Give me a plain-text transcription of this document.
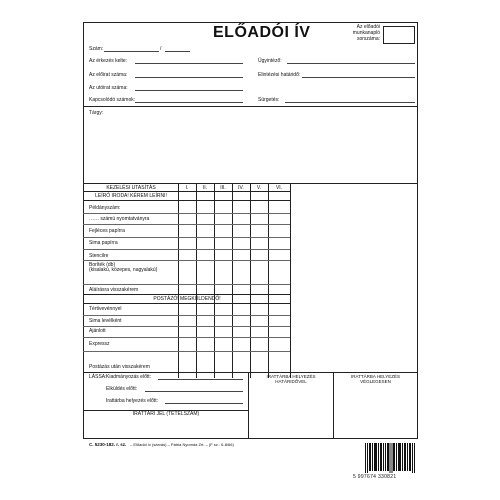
ELŐADÓI ÍV	Az előadói munkanapló sorszáma:
Szám:	/
Az érkezés kelte:	Ügyintéző:
Az előirat száma:	Elintézési határidő:
Az utóirat száma:
Kapcsolódó számok:	Sürgetés:
Tárgy:
KEZELÉSI UTASÍTÁS	I.	II.	III.	IV.	V.	VI.
LEÍRÓ IRODA! KÉREM LEÍRNI!
Példányszám:
…… számú nyomtatványra
Fejléces papírra
Sima papírra
Stencilre
Boríték (db)
(kisalakú, közepes, nagyalakú)
Aláírásra visszakérem
POSTÁZÓ! MEGKÜLDENDŐ!
Tértivevénnyel
Sima levélként
Ajánlott
Expressz
Postázás után visszakérem
LÁSSA: Kiadmányozás előtt:
Elküldés előtt:
Irattárba helyezés előtt:
IRATTÁRI JEL (TÉTELSZÁM)
IRATTÁRBA HELYEZÉS
HATÁRIDŐVEL
IRATTÁRBA HELYEZÉS
VÉGLEGESEN
C. 5230-182. r. sz. – Előadói ív (sárvás) – Pátria Nyomda Zrt. – (F sz.: 6-8/66)
5 997674 330821
